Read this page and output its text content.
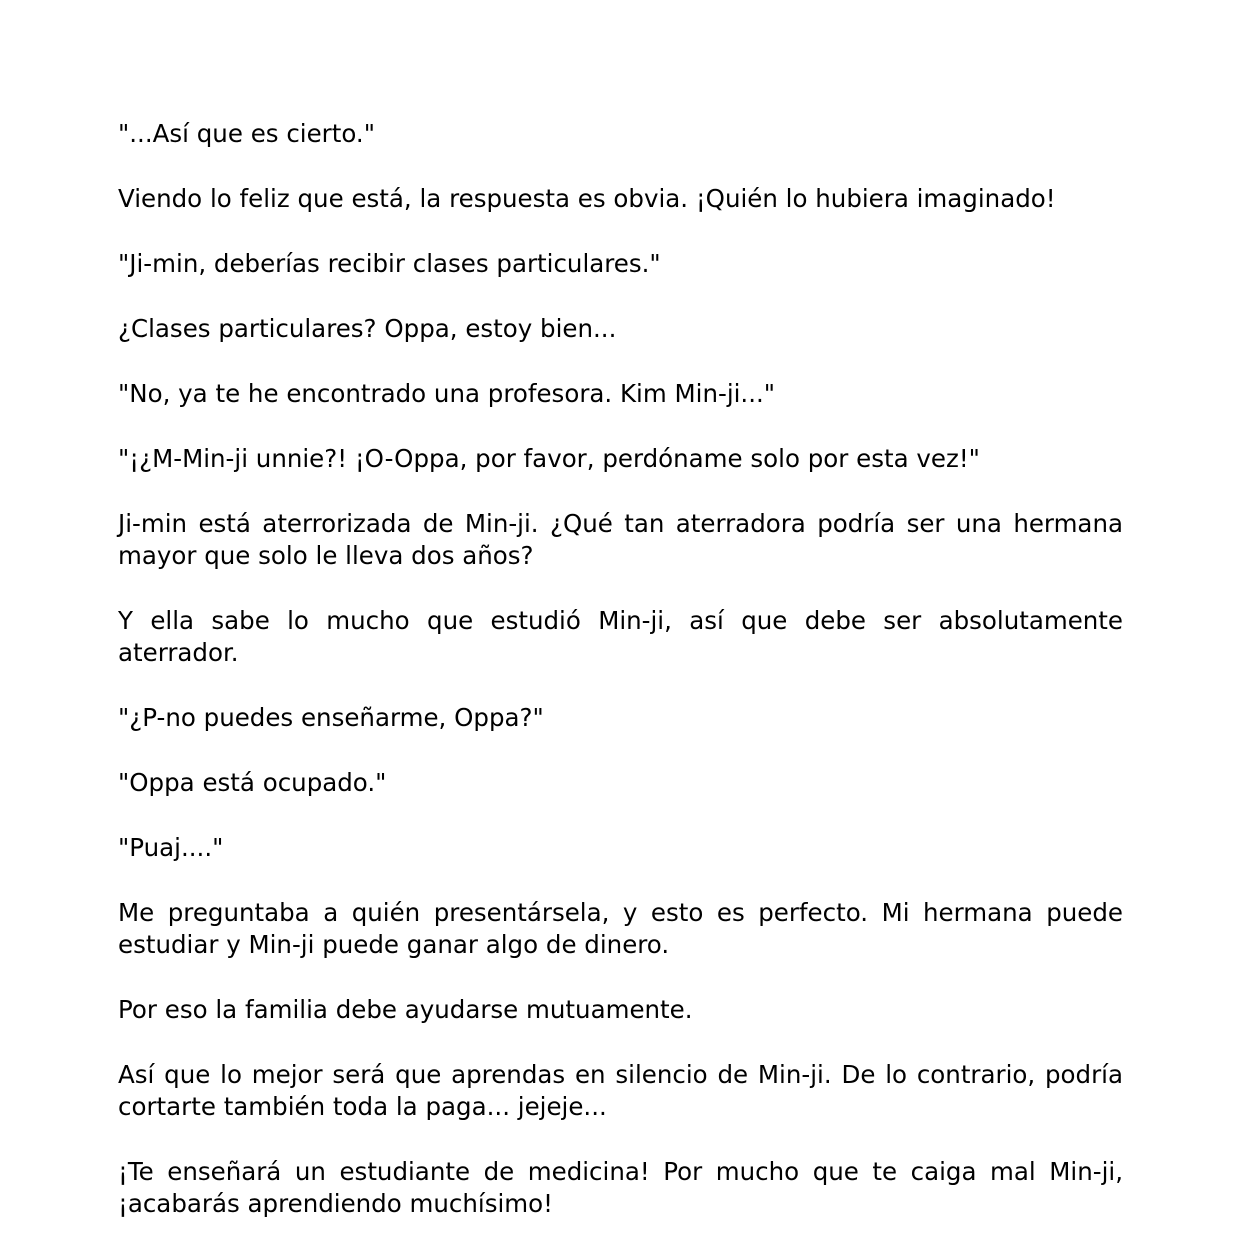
"...Así que es cierto."

Viendo lo feliz que está, la respuesta es obvia. ¡Quién lo hubiera imaginado!

"Ji-min, deberías recibir clases particulares."

¿Clases particulares? Oppa, estoy bien...

"No, ya te he encontrado una profesora. Kim Min-ji..."

"¡¿M-Min-ji unnie?! ¡O-Oppa, por favor, perdóname solo por esta vez!"

Ji-min está aterrorizada de Min-ji. ¿Qué tan aterradora podría ser una hermana mayor que solo le lleva dos años?

Y ella sabe lo mucho que estudió Min-ji, así que debe ser absolutamente aterrador.

"¿P-no puedes enseñarme, Oppa?"

"Oppa está ocupado."

"Puaj...."

Me preguntaba a quién presentársela, y esto es perfecto. Mi hermana puede estudiar y Min-ji puede ganar algo de dinero.

Por eso la familia debe ayudarse mutuamente.

Así que lo mejor será que aprendas en silencio de Min-ji. De lo contrario, podría cortarte también toda la paga... jejeje...

¡Te enseñará un estudiante de medicina! Por mucho que te caiga mal Min-ji, ¡acabarás aprendiendo muchísimo!
